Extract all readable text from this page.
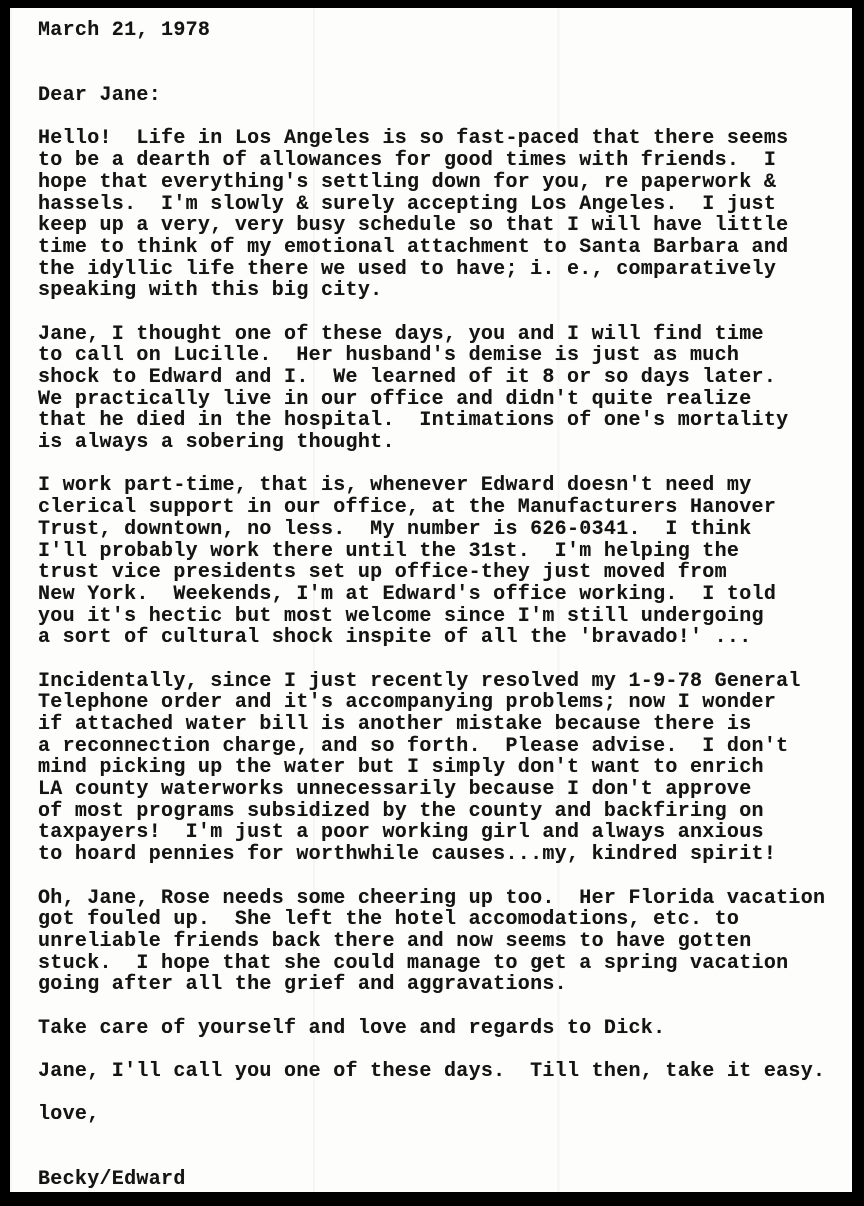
March 21, 1978
Dear Jane:
Hello!  Life in Los Angeles is so fast-paced that there seems
to be a dearth of allowances for good times with friends.  I
hope that everything's settling down for you, re paperwork &
hassels.  I'm slowly & surely accepting Los Angeles.  I just
keep up a very, very busy schedule so that I will have little
time to think of my emotional attachment to Santa Barbara and
the idyllic life there we used to have; i. e., comparatively
speaking with this big city.
Jane, I thought one of these days, you and I will find time
to call on Lucille.  Her husband's demise is just as much
shock to Edward and I.  We learned of it 8 or so days later.
We practically live in our office and didn't quite realize
that he died in the hospital.  Intimations of one's mortality
is always a sobering thought.
I work part-time, that is, whenever Edward doesn't need my
clerical support in our office, at the Manufacturers Hanover
Trust, downtown, no less.  My number is 626-0341.  I think
I'll probably work there until the 31st.  I'm helping the
trust vice presidents set up office-they just moved from
New York.  Weekends, I'm at Edward's office working.  I told
you it's hectic but most welcome since I'm still undergoing
a sort of cultural shock inspite of all the 'bravado!' ...
Incidentally, since I just recently resolved my 1-9-78 General
Telephone order and it's accompanying problems; now I wonder
if attached water bill is another mistake because there is
a reconnection charge, and so forth.  Please advise.  I don't
mind picking up the water but I simply don't want to enrich
LA county waterworks unnecessarily because I don't approve
of most programs subsidized by the county and backfiring on
taxpayers!  I'm just a poor working girl and always anxious
to hoard pennies for worthwhile causes...my, kindred spirit!
Oh, Jane, Rose needs some cheering up too.  Her Florida vacation
got fouled up.  She left the hotel accomodations, etc. to
unreliable friends back there and now seems to have gotten
stuck.  I hope that she could manage to get a spring vacation
going after all the grief and aggravations.
Take care of yourself and love and regards to Dick.
Jane, I'll call you one of these days.  Till then, take it easy.
love,
Becky/Edward
